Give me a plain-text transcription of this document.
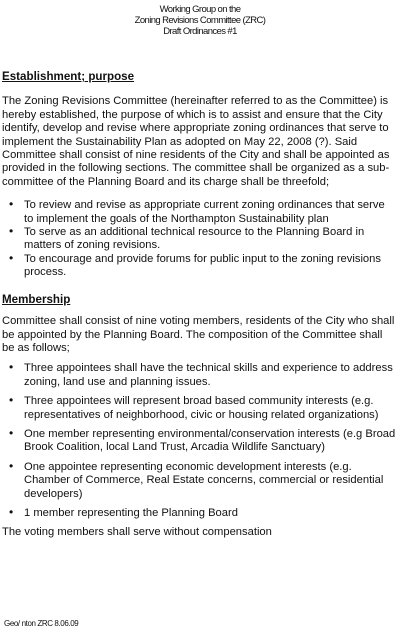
Working Group on the
Zoning Revisions Committee (ZRC)
Draft Ordinances #1
Establishment; purpose

The Zoning Revisions Committee (hereinafter referred to as the Committee) is hereby established, the purpose of which is to assist and ensure that the City identify, develop and revise where appropriate zoning ordinances that serve to implement the Sustainability Plan as adopted on May 22, 2008 (?). Said Committee shall consist of nine residents of the City and shall be appointed as provided in the following sections. The committee shall be organized as a sub-committee of the Planning Board and its charge shall be threefold;

• To review and revise as appropriate current zoning ordinances that serve to implement the goals of the Northampton Sustainability plan
• To serve as an additional technical resource to the Planning Board in matters of zoning revisions.
• To encourage and provide forums for public input to the zoning revisions process.
Membership

Committee shall consist of nine voting members, residents of the City who shall be appointed by the Planning Board. The composition of the Committee shall be as follows;

• Three appointees shall have the technical skills and experience to address zoning, land use and planning issues.
• Three appointees will represent broad based community interests (e.g. representatives of neighborhood, civic or housing related organizations)
• One member representing environmental/conservation interests (e.g Broad Brook Coalition, local Land Trust, Arcadia Wildlife Sanctuary)
• One appointee representing economic development interests (e.g. Chamber of Commerce, Real Estate concerns, commercial or residential developers)
• 1 member representing the Planning Board

The voting members shall serve without compensation

Geo/ nton ZRC 8.06.09
